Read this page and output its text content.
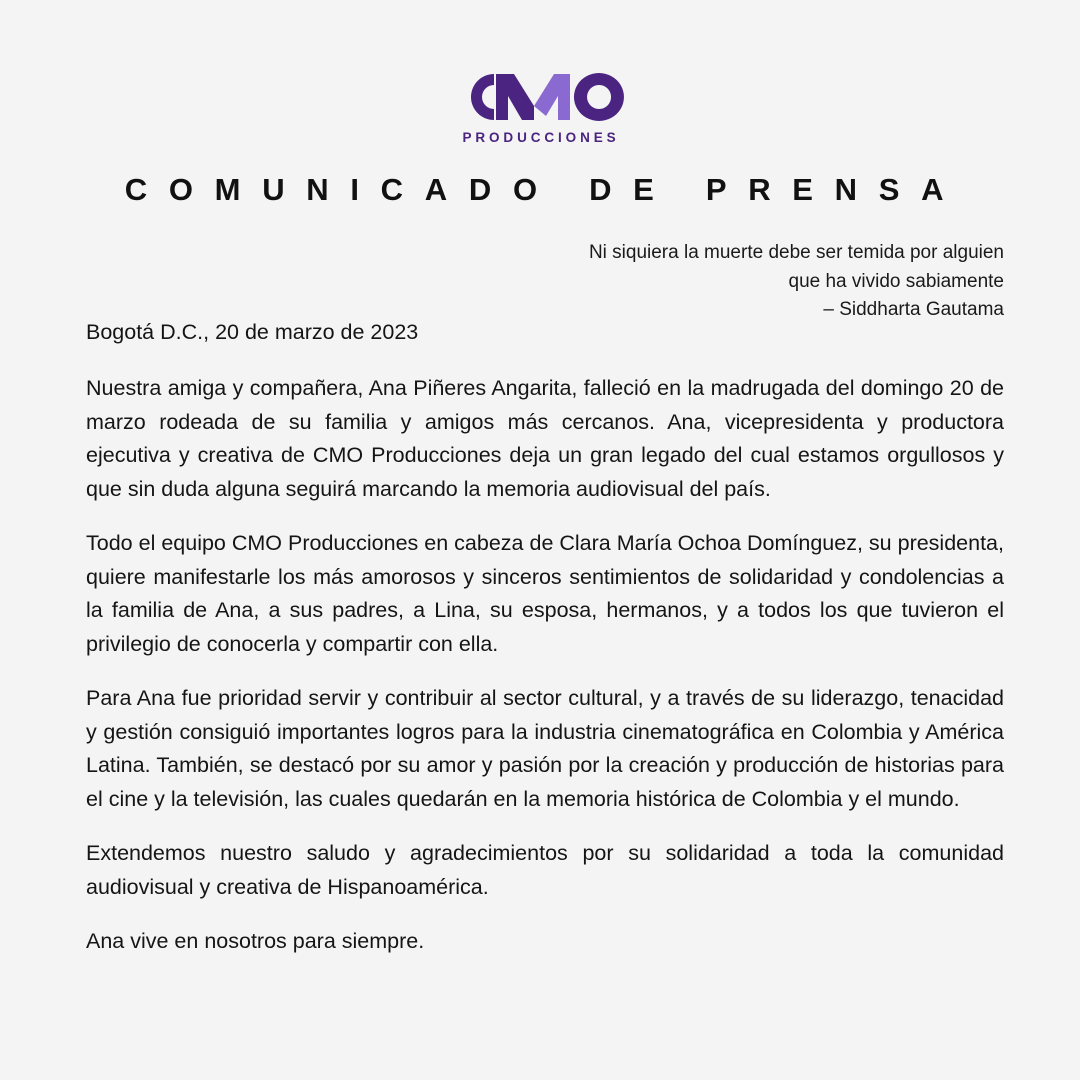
PRODUCCIONES
COMUNICADO DE PRENSA
Ni siquiera la muerte debe ser temida por alguien
que ha vivido sabiamente
– Siddharta Gautama
Bogotá D.C., 20 de marzo de 2023

Nuestra amiga y compañera, Ana Piñeres Angarita, falleció en la madrugada del domingo 20 de marzo rodeada de su familia y amigos más cercanos. Ana, vicepresidenta y productora ejecutiva y creativa de CMO Producciones deja un gran legado del cual estamos orgullosos y que sin duda alguna seguirá marcando la memoria audiovisual del país.

Todo el equipo CMO Producciones en cabeza de Clara María Ochoa Domínguez, su presidenta, quiere manifestarle los más amorosos y sinceros sentimientos de solidaridad y condolencias a la familia de Ana, a sus padres, a Lina, su esposa, hermanos, y a todos los que tuvieron el privilegio de conocerla y compartir con ella.

Para Ana fue prioridad servir y contribuir al sector cultural, y a través de su liderazgo, tenacidad y gestión consiguió importantes logros para la industria cinematográfica en Colombia y América Latina. También, se destacó por su amor y pasión por la creación y producción de historias para el cine y la televisión, las cuales quedarán en la memoria histórica de Colombia y el mundo.

Extendemos nuestro saludo y agradecimientos por su solidaridad a toda la comunidad audiovisual y creativa de Hispanoamérica.

Ana vive en nosotros para siempre.
